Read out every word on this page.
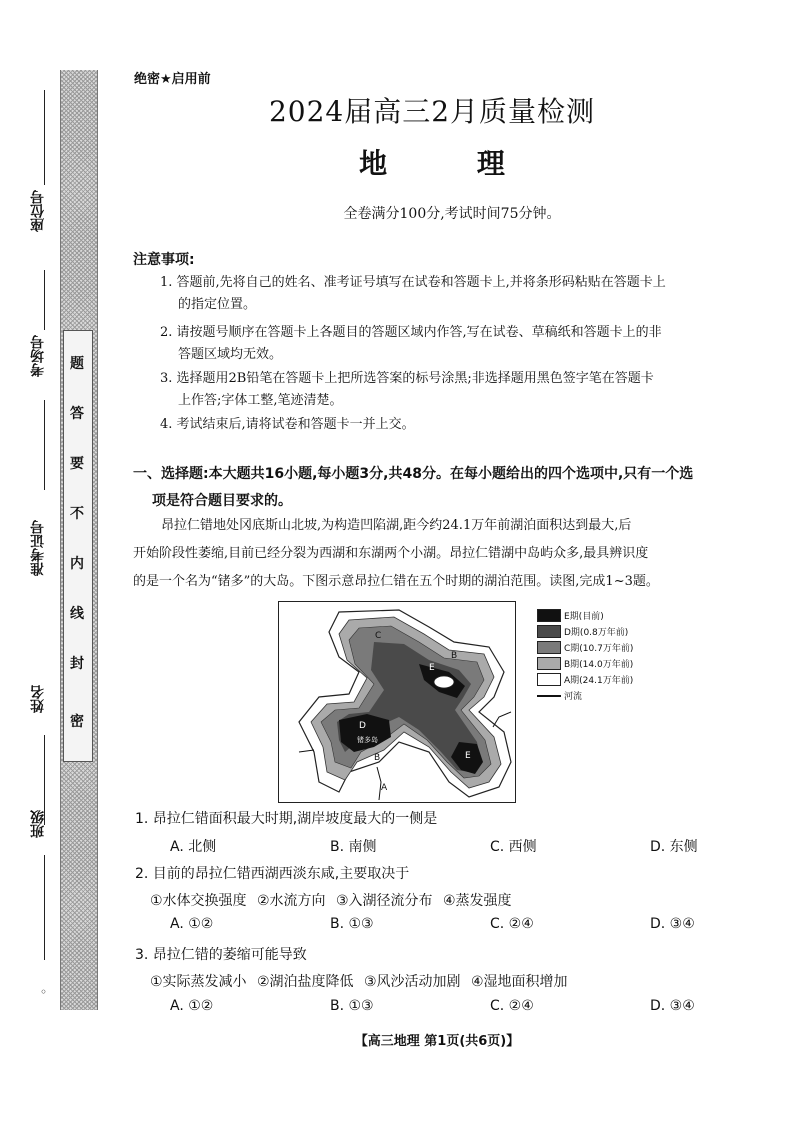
座位号
考场号
准考证号
姓名
班级
◦
密
封
线
内
不
要
答
题
绝密★启用前
2024届高三2月质量检测
地 理
全卷满分100分,考试时间75分钟。
注意事项:
1. 答题前,先将自己的姓名、准考证号填写在试卷和答题卡上,并将条形码粘贴在答题卡上
的指定位置。
2. 请按题号顺序在答题卡上各题目的答题区域内作答,写在试卷、草稿纸和答题卡上的非
答题区域均无效。
3. 选择题用2B铅笔在答题卡上把所选答案的标号涂黑;非选择题用黑色签字笔在答题卡
上作答;字体工整,笔迹清楚。
4. 考试结束后,请将试卷和答题卡一并上交。
一、选择题:本大题共16小题,每小题3分,共48分。在每小题给出的四个选项中,只有一个选
项是符合题目要求的。
昂拉仁错地处冈底斯山北坡,为构造凹陷湖,距今约24.1万年前湖泊面积达到最大,后
开始阶段性萎缩,目前已经分裂为西湖和东湖两个小湖。昂拉仁错湖中岛屿众多,最具辨识度
的是一个名为“锗多”的大岛。下图示意昂拉仁错在五个时期的湖泊范围。读图,完成1~3题。
C
B
E
D
B
A
E
锗多岛
E期(目前)
D期(0.8万年前)
C期(10.7万年前)
B期(14.0万年前)
A期(24.1万年前)
河流
1. 昂拉仁错面积最大时期,湖岸坡度最大的一侧是
A. 北侧	B. 南侧	C. 西侧	D. 东侧
2. 目前的昂拉仁错西湖西淡东咸,主要取决于
①水体交换强度 ②水流方向 ③入湖径流分布 ④蒸发强度
A. ①②	B. ①③	C. ②④	D. ③④
3. 昂拉仁错的萎缩可能导致
①实际蒸发减小 ②湖泊盐度降低 ③风沙活动加剧 ④湿地面积增加
A. ①②	B. ①③	C. ②④	D. ③④
【高三地理 第1页(共6页)】
